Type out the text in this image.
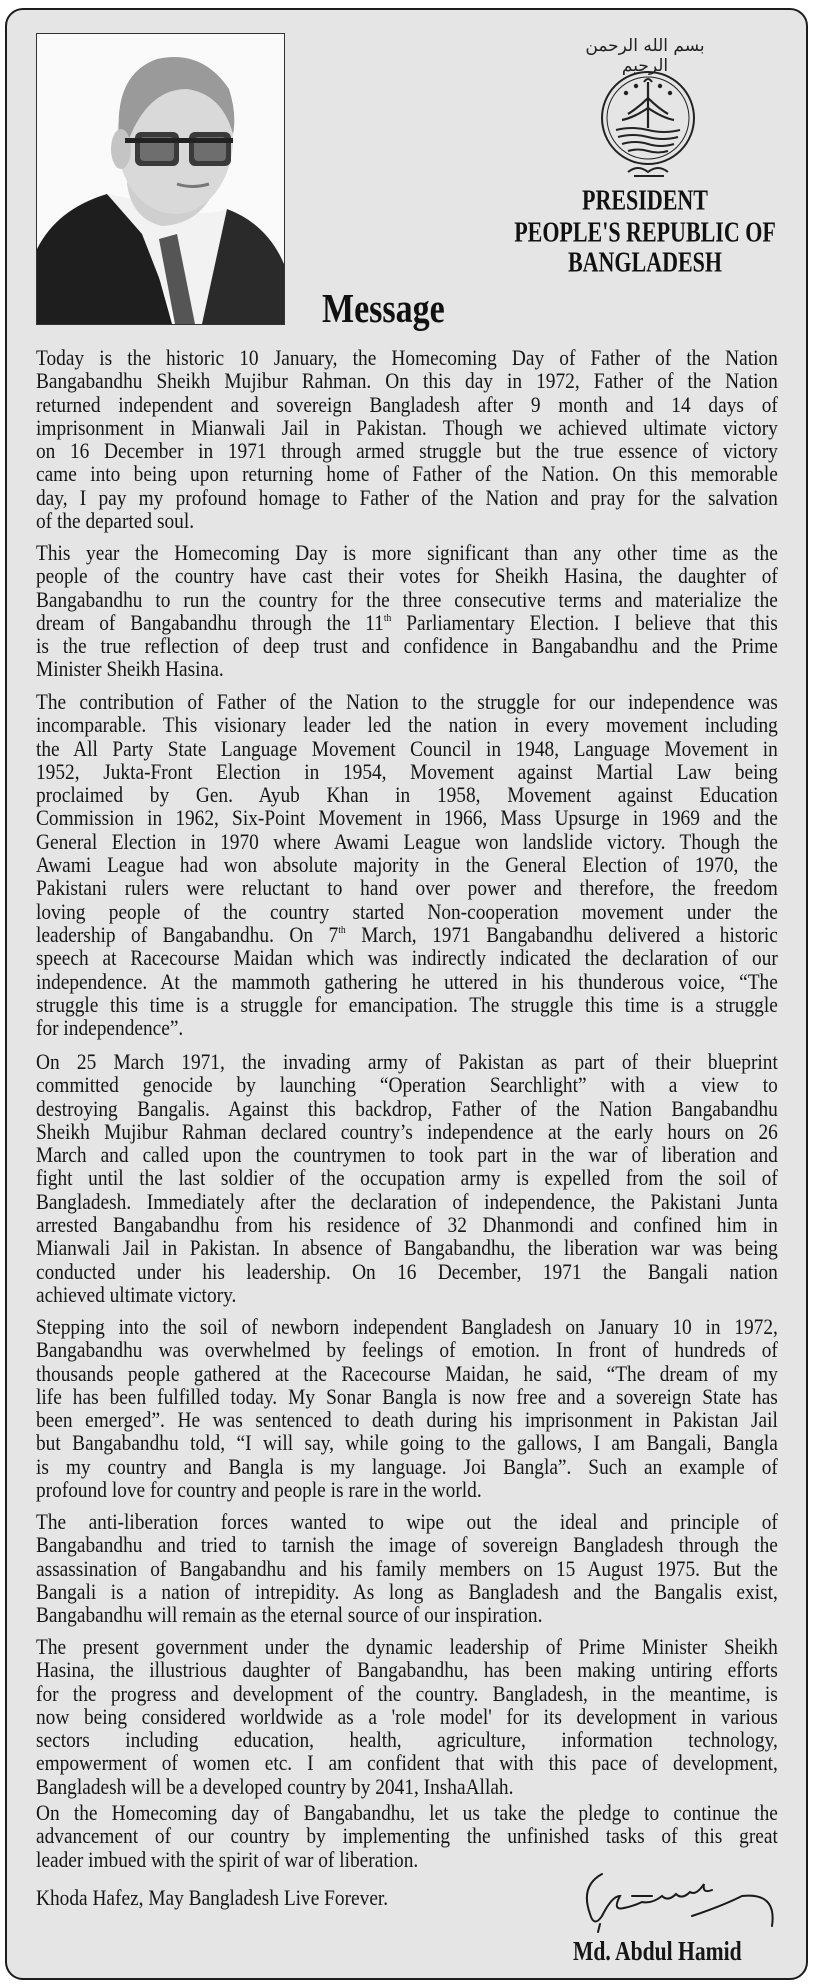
بسم الله الرحمن الرحيم
PRESIDENT
PEOPLE'S REPUBLIC OF
BANGLADESH
Message
Today is the historic 10 January, the Homecoming Day of Father of the Nation
Bangabandhu Sheikh Mujibur Rahman. On this day in 1972, Father of the Nation
returned independent and sovereign Bangladesh after 9 month and 14 days of
imprisonment in Mianwali Jail in Pakistan. Though we achieved ultimate victory
on 16 December in 1971 through armed struggle but the true essence of victory
came into being upon returning home of Father of the Nation. On this memorable
day, I pay my profound homage to Father of the Nation and pray for the salvation
of the departed soul.
This year the Homecoming Day is more significant than any other time as the
people of the country have cast their votes for Sheikh Hasina, the daughter of
Bangabandhu to run the country for the three consecutive terms and materialize the
dream of Bangabandhu through the 11th Parliamentary Election. I believe that this
is the true reflection of deep trust and confidence in Bangabandhu and the Prime
Minister Sheikh Hasina.
The contribution of Father of the Nation to the struggle for our independence was
incomparable. This visionary leader led the nation in every movement including
the All Party State Language Movement Council in 1948, Language Movement in
1952, Jukta-Front Election in 1954, Movement against Martial Law being
proclaimed by Gen. Ayub Khan in 1958, Movement against Education
Commission in 1962, Six-Point Movement in 1966, Mass Upsurge in 1969 and the
General Election in 1970 where Awami League won landslide victory. Though the
Awami League had won absolute majority in the General Election of 1970, the
Pakistani rulers were reluctant to hand over power and therefore, the freedom
loving people of the country started Non-cooperation movement under the
leadership of Bangabandhu. On 7th March, 1971 Bangabandhu delivered a historic
speech at Racecourse Maidan which was indirectly indicated the declaration of our
independence. At the mammoth gathering he uttered in his thunderous voice, “The
struggle this time is a struggle for emancipation. The struggle this time is a struggle
for independence”.
On 25 March 1971, the invading army of Pakistan as part of their blueprint
committed genocide by launching “Operation Searchlight” with a view to
destroying Bangalis. Against this backdrop, Father of the Nation Bangabandhu
Sheikh Mujibur Rahman declared country’s independence at the early hours on 26
March and called upon the countrymen to took part in the war of liberation and
fight until the last soldier of the occupation army is expelled from the soil of
Bangladesh. Immediately after the declaration of independence, the Pakistani Junta
arrested Bangabandhu from his residence of 32 Dhanmondi and confined him in
Mianwali Jail in Pakistan. In absence of Bangabandhu, the liberation war was being
conducted under his leadership. On 16 December, 1971 the Bangali nation
achieved ultimate victory.
Stepping into the soil of newborn independent Bangladesh on January 10 in 1972,
Bangabandhu was overwhelmed by feelings of emotion. In front of hundreds of
thousands people gathered at the Racecourse Maidan, he said, “The dream of my
life has been fulfilled today. My Sonar Bangla is now free and a sovereign State has
been emerged”. He was sentenced to death during his imprisonment in Pakistan Jail
but Bangabandhu told, “I will say, while going to the gallows, I am Bangali, Bangla
is my country and Bangla is my language. Joi Bangla”. Such an example of
profound love for country and people is rare in the world.
The anti-liberation forces wanted to wipe out the ideal and principle of
Bangabandhu and tried to tarnish the image of sovereign Bangladesh through the
assassination of Bangabandhu and his family members on 15 August 1975. But the
Bangali is a nation of intrepidity. As long as Bangladesh and the Bangalis exist,
Bangabandhu will remain as the eternal source of our inspiration.
The present government under the dynamic leadership of Prime Minister Sheikh
Hasina, the illustrious daughter of Bangabandhu, has been making untiring efforts
for the progress and development of the country. Bangladesh, in the meantime, is
now being considered worldwide as a 'role model' for its development in various
sectors including education, health, agriculture, information technology,
empowerment of women etc. I am confident that with this pace of development,
Bangladesh will be a developed country by 2041, InshaAllah.
On the Homecoming day of Bangabandhu, let us take the pledge to continue the
advancement of our country by implementing the unfinished tasks of this great
leader imbued with the spirit of war of liberation.
Khoda Hafez, May Bangladesh Live Forever.
Md. Abdul Hamid
